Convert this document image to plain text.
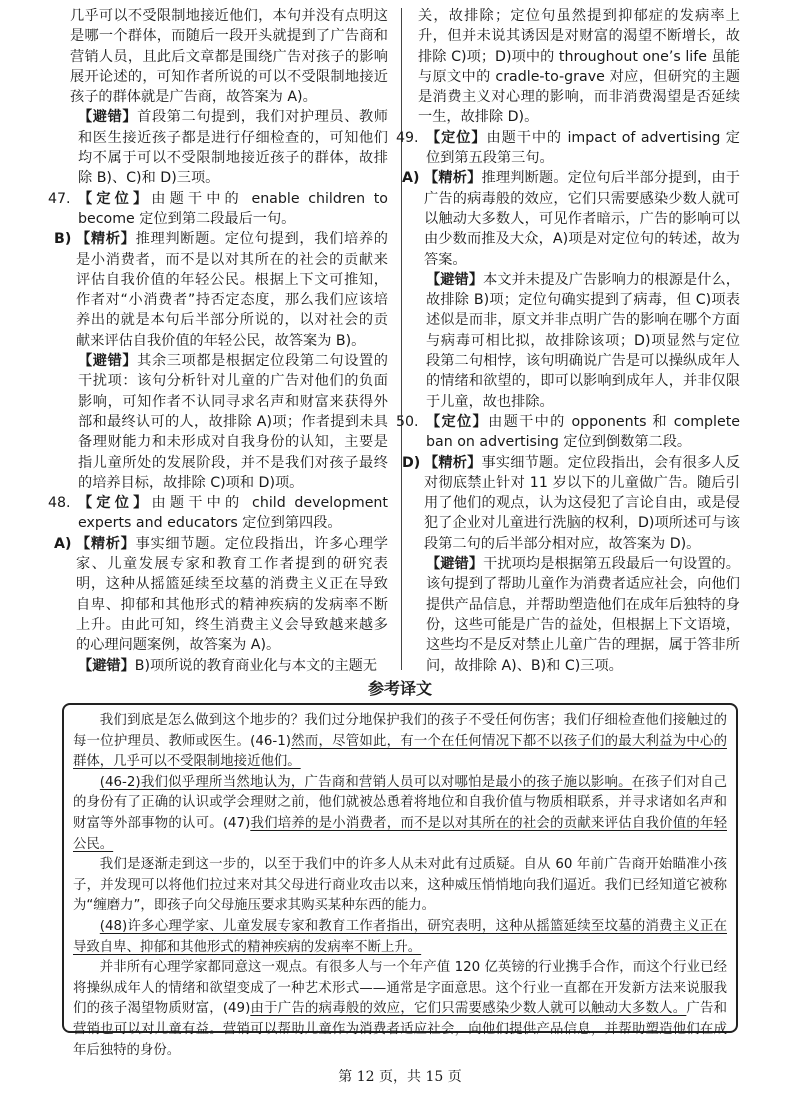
几乎可以不受限制地接近他们，本句并没有点明这是哪一个群体，而随后一段开头就提到了广告商和营销人员，且此后文章都是围绕广告对孩子的影响展开论述的，可知作者所说的可以不受限制地接近孩子的群体就是广告商，故答案为 A)。

【避错】首段第二句提到，我们对护理员、教师和医生接近孩子都是进行仔细检查的，可知他们均不属于可以不受限制地接近孩子的群体，故排除 B)、C)和 D)三项。

47. 【定位】由题干中的 enable children to become 定位到第二段最后一句。

B) 【精析】推理判断题。定位句提到，我们培养的是小消费者，而不是以对其所在的社会的贡献来评估自我价值的年轻公民。根据上下文可推知，作者对“小消费者”持否定态度，那么我们应该培养出的就是本句后半部分所说的，以对社会的贡献来评估自我价值的年轻公民，故答案为 B)。

【避错】其余三项都是根据定位段第二句设置的干扰项：该句分析针对儿童的广告对他们的负面影响，可知作者不认同寻求名声和财富来获得外部和最终认可的人，故排除 A)项；作者提到未具备理财能力和未形成对自我身份的认知，主要是指儿童所处的发展阶段，并不是我们对孩子最终的培养目标，故排除 C)项和 D)项。

48. 【定位】由题干中的 child development experts and educators 定位到第四段。

A) 【精析】事实细节题。定位段指出，许多心理学家、儿童发展专家和教育工作者提到的研究表明，这种从摇篮延续至坟墓的消费主义正在导致自卑、抑郁和其他形式的精神疾病的发病率不断上升。由此可知，终生消费主义会导致越来越多的心理问题案例，故答案为 A)。

【避错】B)项所说的教育商业化与本文的主题无

关，故排除；定位句虽然提到抑郁症的发病率上升，但并未说其诱因是对财富的渴望不断增长，故排除 C)项；D)项中的 throughout one’s life 虽能与原文中的 cradle-to-grave 对应，但研究的主题是消费主义对心理的影响，而非消费渴望是否延续一生，故排除 D)。

49. 【定位】由题干中的 impact of advertising 定位到第五段第三句。

A) 【精析】推理判断题。定位句后半部分提到，由于广告的病毒般的效应，它们只需要感染少数人就可以触动大多数人，可见作者暗示，广告的影响可以由少数而推及大众，A)项是对定位句的转述，故为答案。

【避错】本文并未提及广告影响力的根源是什么，故排除 B)项；定位句确实提到了病毒，但 C)项表述似是而非，原文并非点明广告的影响在哪个方面与病毒可相比拟，故排除该项；D)项显然与定位段第二句相悖，该句明确说广告是可以操纵成年人的情绪和欲望的，即可以影响到成年人，并非仅限于儿童，故也排除。

50. 【定位】由题干中的 opponents 和 complete ban on advertising 定位到倒数第二段。

D) 【精析】事实细节题。定位段指出，会有很多人反对彻底禁止针对 11 岁以下的儿童做广告。随后引用了他们的观点，认为这侵犯了言论自由，或是侵犯了企业对儿童进行洗脑的权利，D)项所述可与该段第二句的后半部分相对应，故答案为 D)。

【避错】干扰项均是根据第五段最后一句设置的。该句提到了帮助儿童作为消费者适应社会，向他们提供产品信息，并帮助塑造他们在成年后独特的身份，这些可能是广告的益处，但根据上下文语境，这些均不是反对禁止儿童广告的理据，属于答非所问，故排除 A)、B)和 C)三项。

参考译文

我们到底是怎么做到这个地步的？我们过分地保护我们的孩子不受任何伤害；我们仔细检查他们接触过的每一位护理员、教师或医生。(46-1)然而，尽管如此，有一个在任何情况下都不以孩子们的最大利益为中心的群体，几乎可以不受限制地接近他们。

(46-2)我们似乎理所当然地认为，广告商和营销人员可以对哪怕是最小的孩子施以影响。在孩子们对自己的身份有了正确的认识或学会理财之前，他们就被怂恿着将地位和自我价值与物质相联系，并寻求诸如名声和财富等外部事物的认可。(47)我们培养的是小消费者，而不是以对其所在的社会的贡献来评估自我价值的年轻公民。

我们是逐渐走到这一步的，以至于我们中的许多人从未对此有过质疑。自从 60 年前广告商开始瞄准小孩子，并发现可以将他们拉过来对其父母进行商业攻击以来，这种威压悄悄地向我们逼近。我们已经知道它被称为“缠磨力”，即孩子向父母施压要求其购买某种东西的能力。

(48)许多心理学家、儿童发展专家和教育工作者指出，研究表明，这种从摇篮延续至坟墓的消费主义正在导致自卑、抑郁和其他形式的精神疾病的发病率不断上升。

并非所有心理学家都同意这一观点。有很多人与一个年产值 120 亿英镑的行业携手合作，而这个行业已经将操纵成年人的情绪和欲望变成了一种艺术形式——通常是字面意思。这个行业一直都在开发新方法来说服我们的孩子渴望物质财富，(49)由于广告的病毒般的效应，它们只需要感染少数人就可以触动大多数人。广告和营销也可以对儿童有益。营销可以帮助儿童作为消费者适应社会，向他们提供产品信息，并帮助塑造他们在成年后独特的身份。

第 12 页，共 15 页
